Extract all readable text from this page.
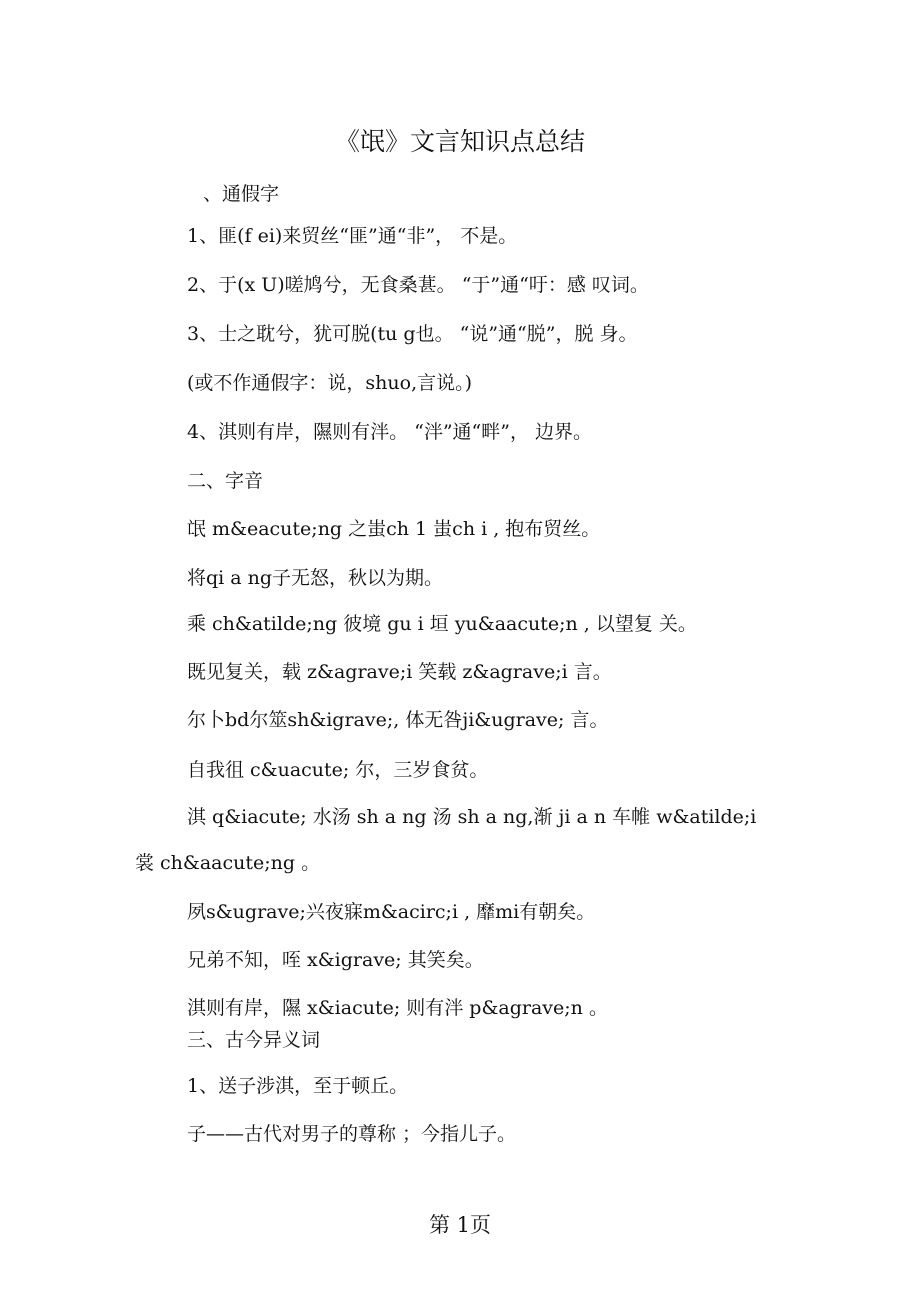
《氓》文言知识点总结
、通假字
1、匪(f ei)来贸丝“匪”通“非”， 不是。
2、于(x U)嗟鸠兮，无食桑葚。 “于”通“吁：感 叹词。
3、士之耽兮，犹可脱(tu g也。 “说”通“脱”，脱 身。
(或不作通假字：说，shuo,言说。)
4、淇则有岸，隰则有泮。 “泮”通“畔”， 边界。
二、字音
氓 m&eacute;ng 之蚩ch 1 蚩ch i , 抱布贸丝。
将qi a ng子无怒，秋以为期。
乘 ch&atilde;ng 彼境 gu i 垣 yu&aacute;n , 以望复 关。
既见复关，载 z&agrave;i 笑载 z&agrave;i 言。
尔卜bd尔筮sh&igrave;, 体无咎ji&ugrave; 言。
自我徂 c&uacute; 尔，三岁食贫。
淇 q&iacute; 水汤 sh a ng 汤 sh a ng,渐 ji a n 车帷 w&atilde;i
裳 ch&aacute;ng 。
夙s&ugrave;兴夜寐m&acirc;i , 靡mi有朝矣。
兄弟不知，咥 x&igrave; 其笑矣。
淇则有岸，隰 x&iacute; 则有泮 p&agrave;n 。
三、古今异义词
1、送子涉淇，至于顿丘。
子——古代对男子的尊称 ；今指儿子。
第 1页
